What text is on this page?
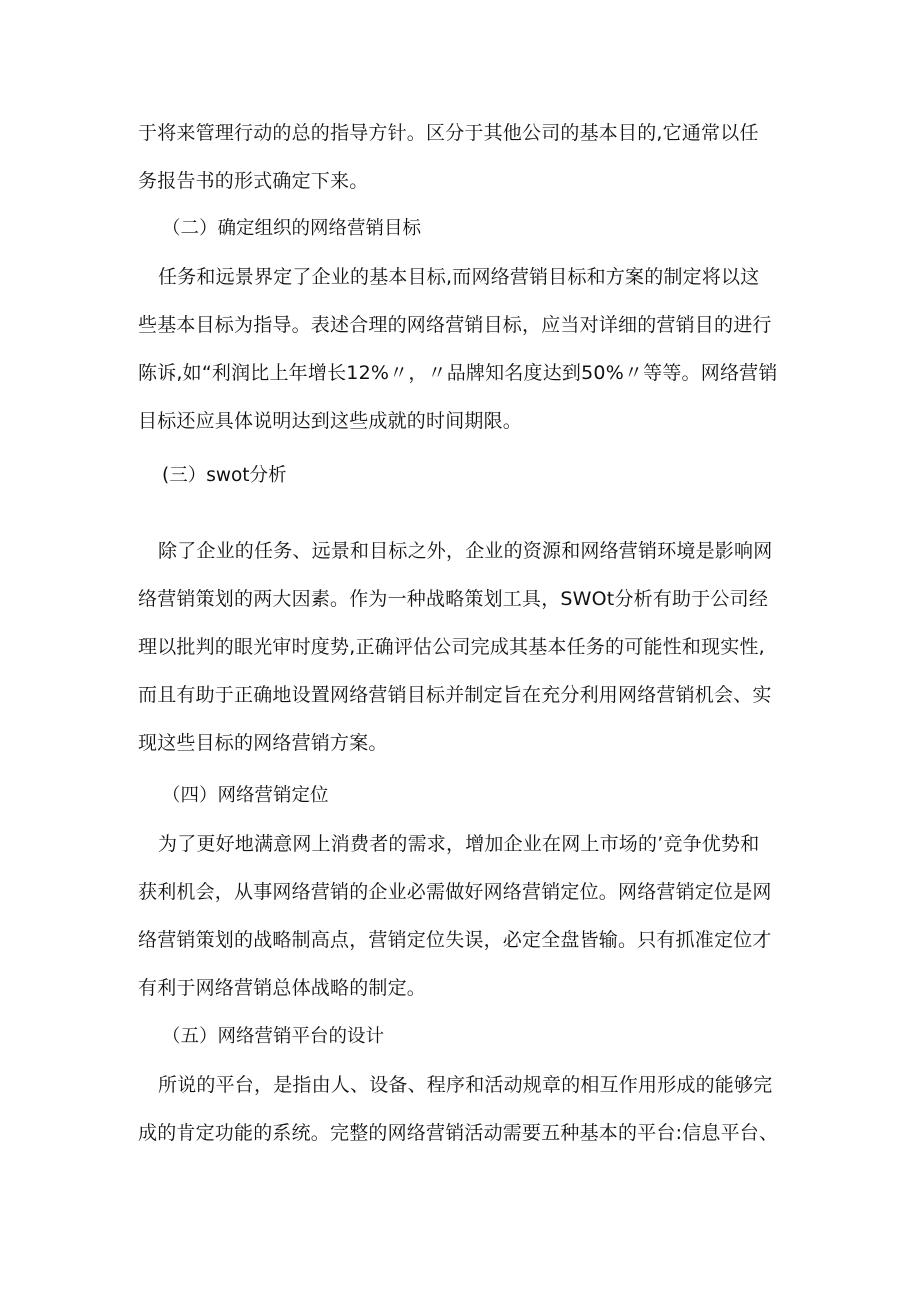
于将来管理行动的总的指导方针。区分于其他公司的基本目的,它通常以任
务报告书的形式确定下来。
（二）确定组织的网络营销目标
任务和远景界定了企业的基本目标,而网络营销目标和方案的制定将以这
些基本目标为指导。表述合理的网络营销目标，应当对详细的营销目的进行
陈诉,如“利润比上年增长12%〃，〃品牌知名度达到50%〃等等。网络营销
目标还应具体说明达到这些成就的时间期限。
(三）swot分析
除了企业的任务、远景和目标之外，企业的资源和网络营销环境是影响网
络营销策划的两大因素。作为一种战略策划工具，SWOt分析有助于公司经
理以批判的眼光审时度势,正确评估公司完成其基本任务的可能性和现实性,
而且有助于正确地设置网络营销目标并制定旨在充分利用网络营销机会、实
现这些目标的网络营销方案。
（四）网络营销定位
为了更好地满意网上消费者的需求，增加企业在网上市场的’竞争优势和
获利机会，从事网络营销的企业必需做好网络营销定位。网络营销定位是网
络营销策划的战略制高点，营销定位失误，必定全盘皆输。只有抓准定位才
有利于网络营销总体战略的制定。
（五）网络营销平台的设计
所说的平台，是指由人、设备、程序和活动规章的相互作用形成的能够完
成的肯定功能的系统。完整的网络营销活动需要五种基本的平台:信息平台、
